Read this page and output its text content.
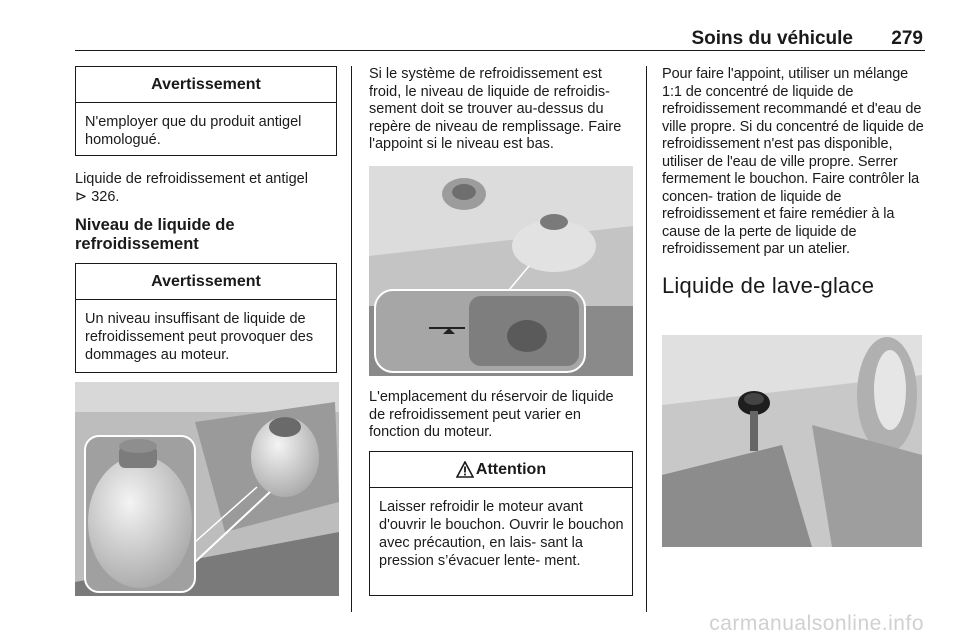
Soins du véhicule 279
Avertissement
N'employer que du produit antigel homologué.

Liquide de refroidissement et antigel
⊳ 326.

Niveau de liquide de refroidissement

Avertissement
Un niveau insuffisant de liquide de refroidissement peut provoquer des dommages au moteur.

Si le système de refroidissement est froid, le niveau de liquide de refroidis- sement doit se trouver au-dessus du repère de niveau de remplissage. Faire l'appoint si le niveau est bas.

L'emplacement du réservoir de liquide de refroidissement peut varier en fonction du moteur.

Attention
Laisser refroidir le moteur avant d'ouvrir le bouchon. Ouvrir le bouchon avec précaution, en lais- sant la pression s’évacuer lente- ment.

Pour faire l'appoint, utiliser un mélange 1:1 de concentré de liquide de refroidissement recommandé et d'eau de ville propre. Si du concentré de liquide de refroidissement n'est pas disponible, utiliser de l'eau de ville propre. Serrer fermement le bouchon. Faire contrôler la concen- tration de liquide de refroidissement et faire remédier à la cause de la perte de liquide de refroidissement par un atelier.

Liquide de lave-glace

carmanualsonline.info
